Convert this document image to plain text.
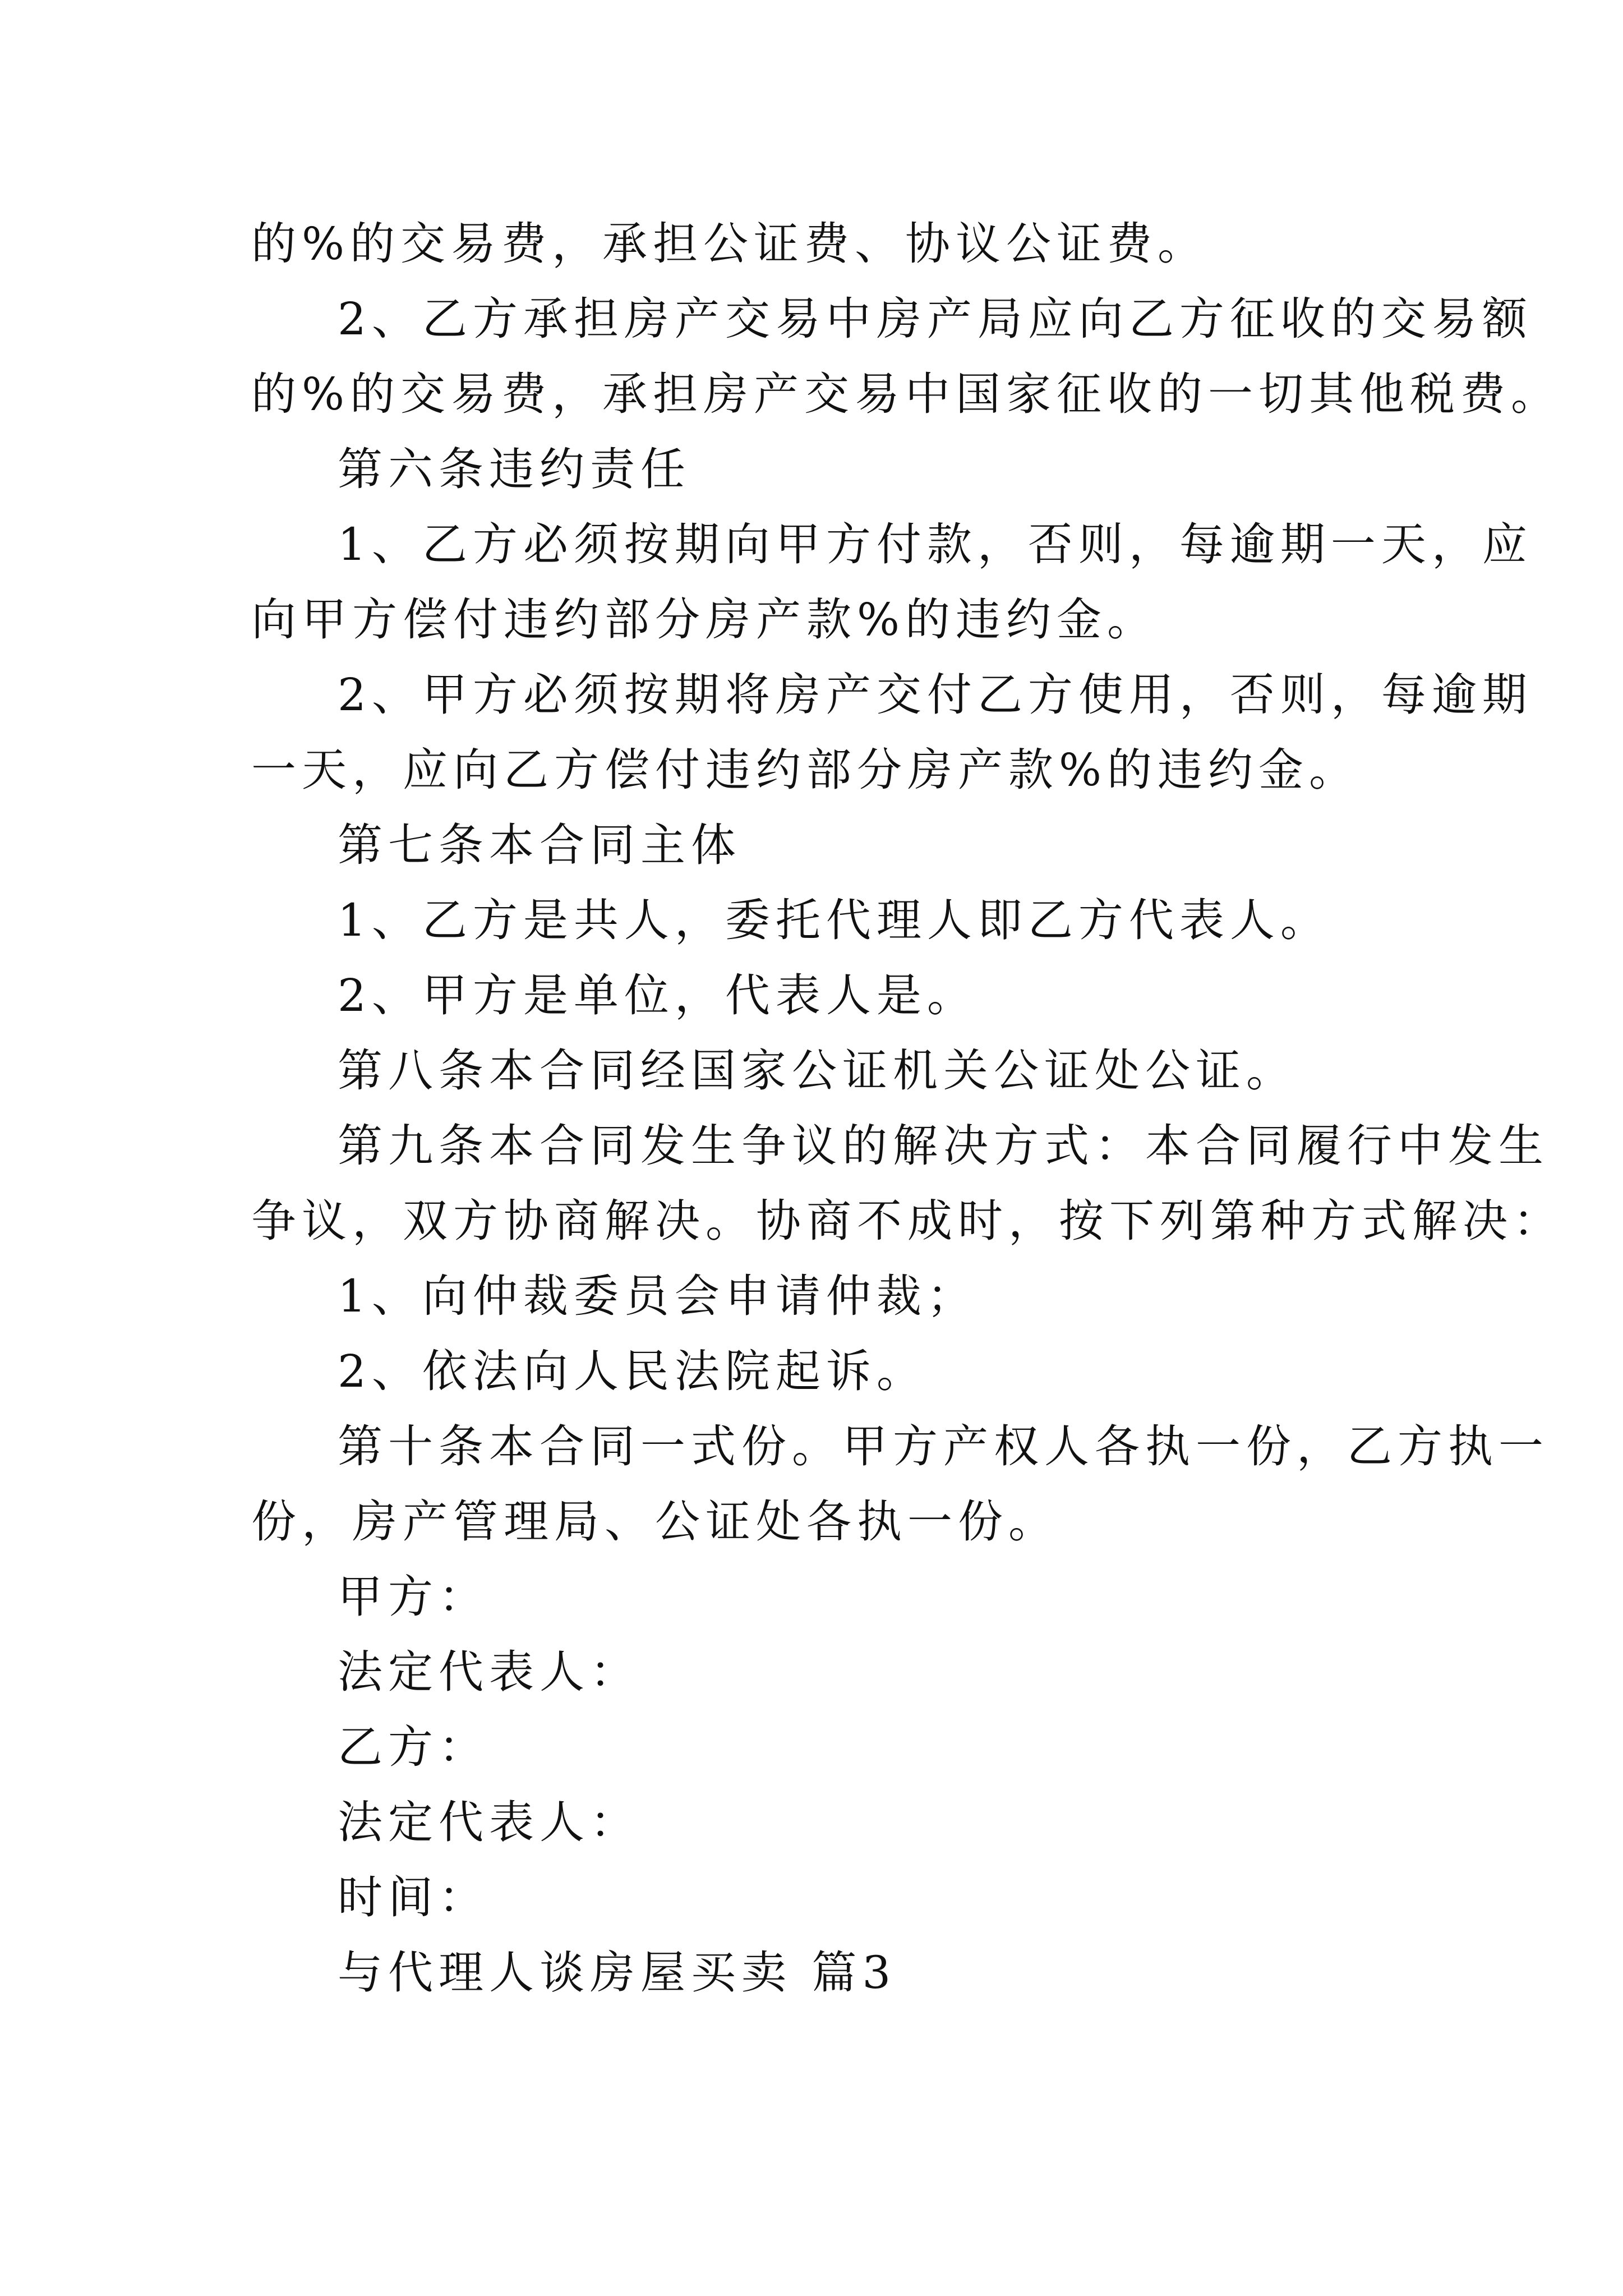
的%的交易费，承担公证费、协议公证费。
2、乙方承担房产交易中房产局应向乙方征收的交易额
的%的交易费，承担房产交易中国家征收的一切其他税费。
第六条违约责任
1、乙方必须按期向甲方付款，否则，每逾期一天，应
向甲方偿付违约部分房产款%的违约金。
2、甲方必须按期将房产交付乙方使用，否则，每逾期
一天，应向乙方偿付违约部分房产款%的违约金。
第七条本合同主体
1、乙方是共人，委托代理人即乙方代表人。
2、甲方是单位，代表人是。
第八条本合同经国家公证机关公证处公证。
第九条本合同发生争议的解决方式：本合同履行中发生
争议，双方协商解决。协商不成时，按下列第种方式解决：
1、向仲裁委员会申请仲裁；
2、依法向人民法院起诉。
第十条本合同一式份。甲方产权人各执一份，乙方执一
份，房产管理局、公证处各执一份。
甲方：
法定代表人：
乙方：
法定代表人：
时间：
与代理人谈房屋买卖 篇3
